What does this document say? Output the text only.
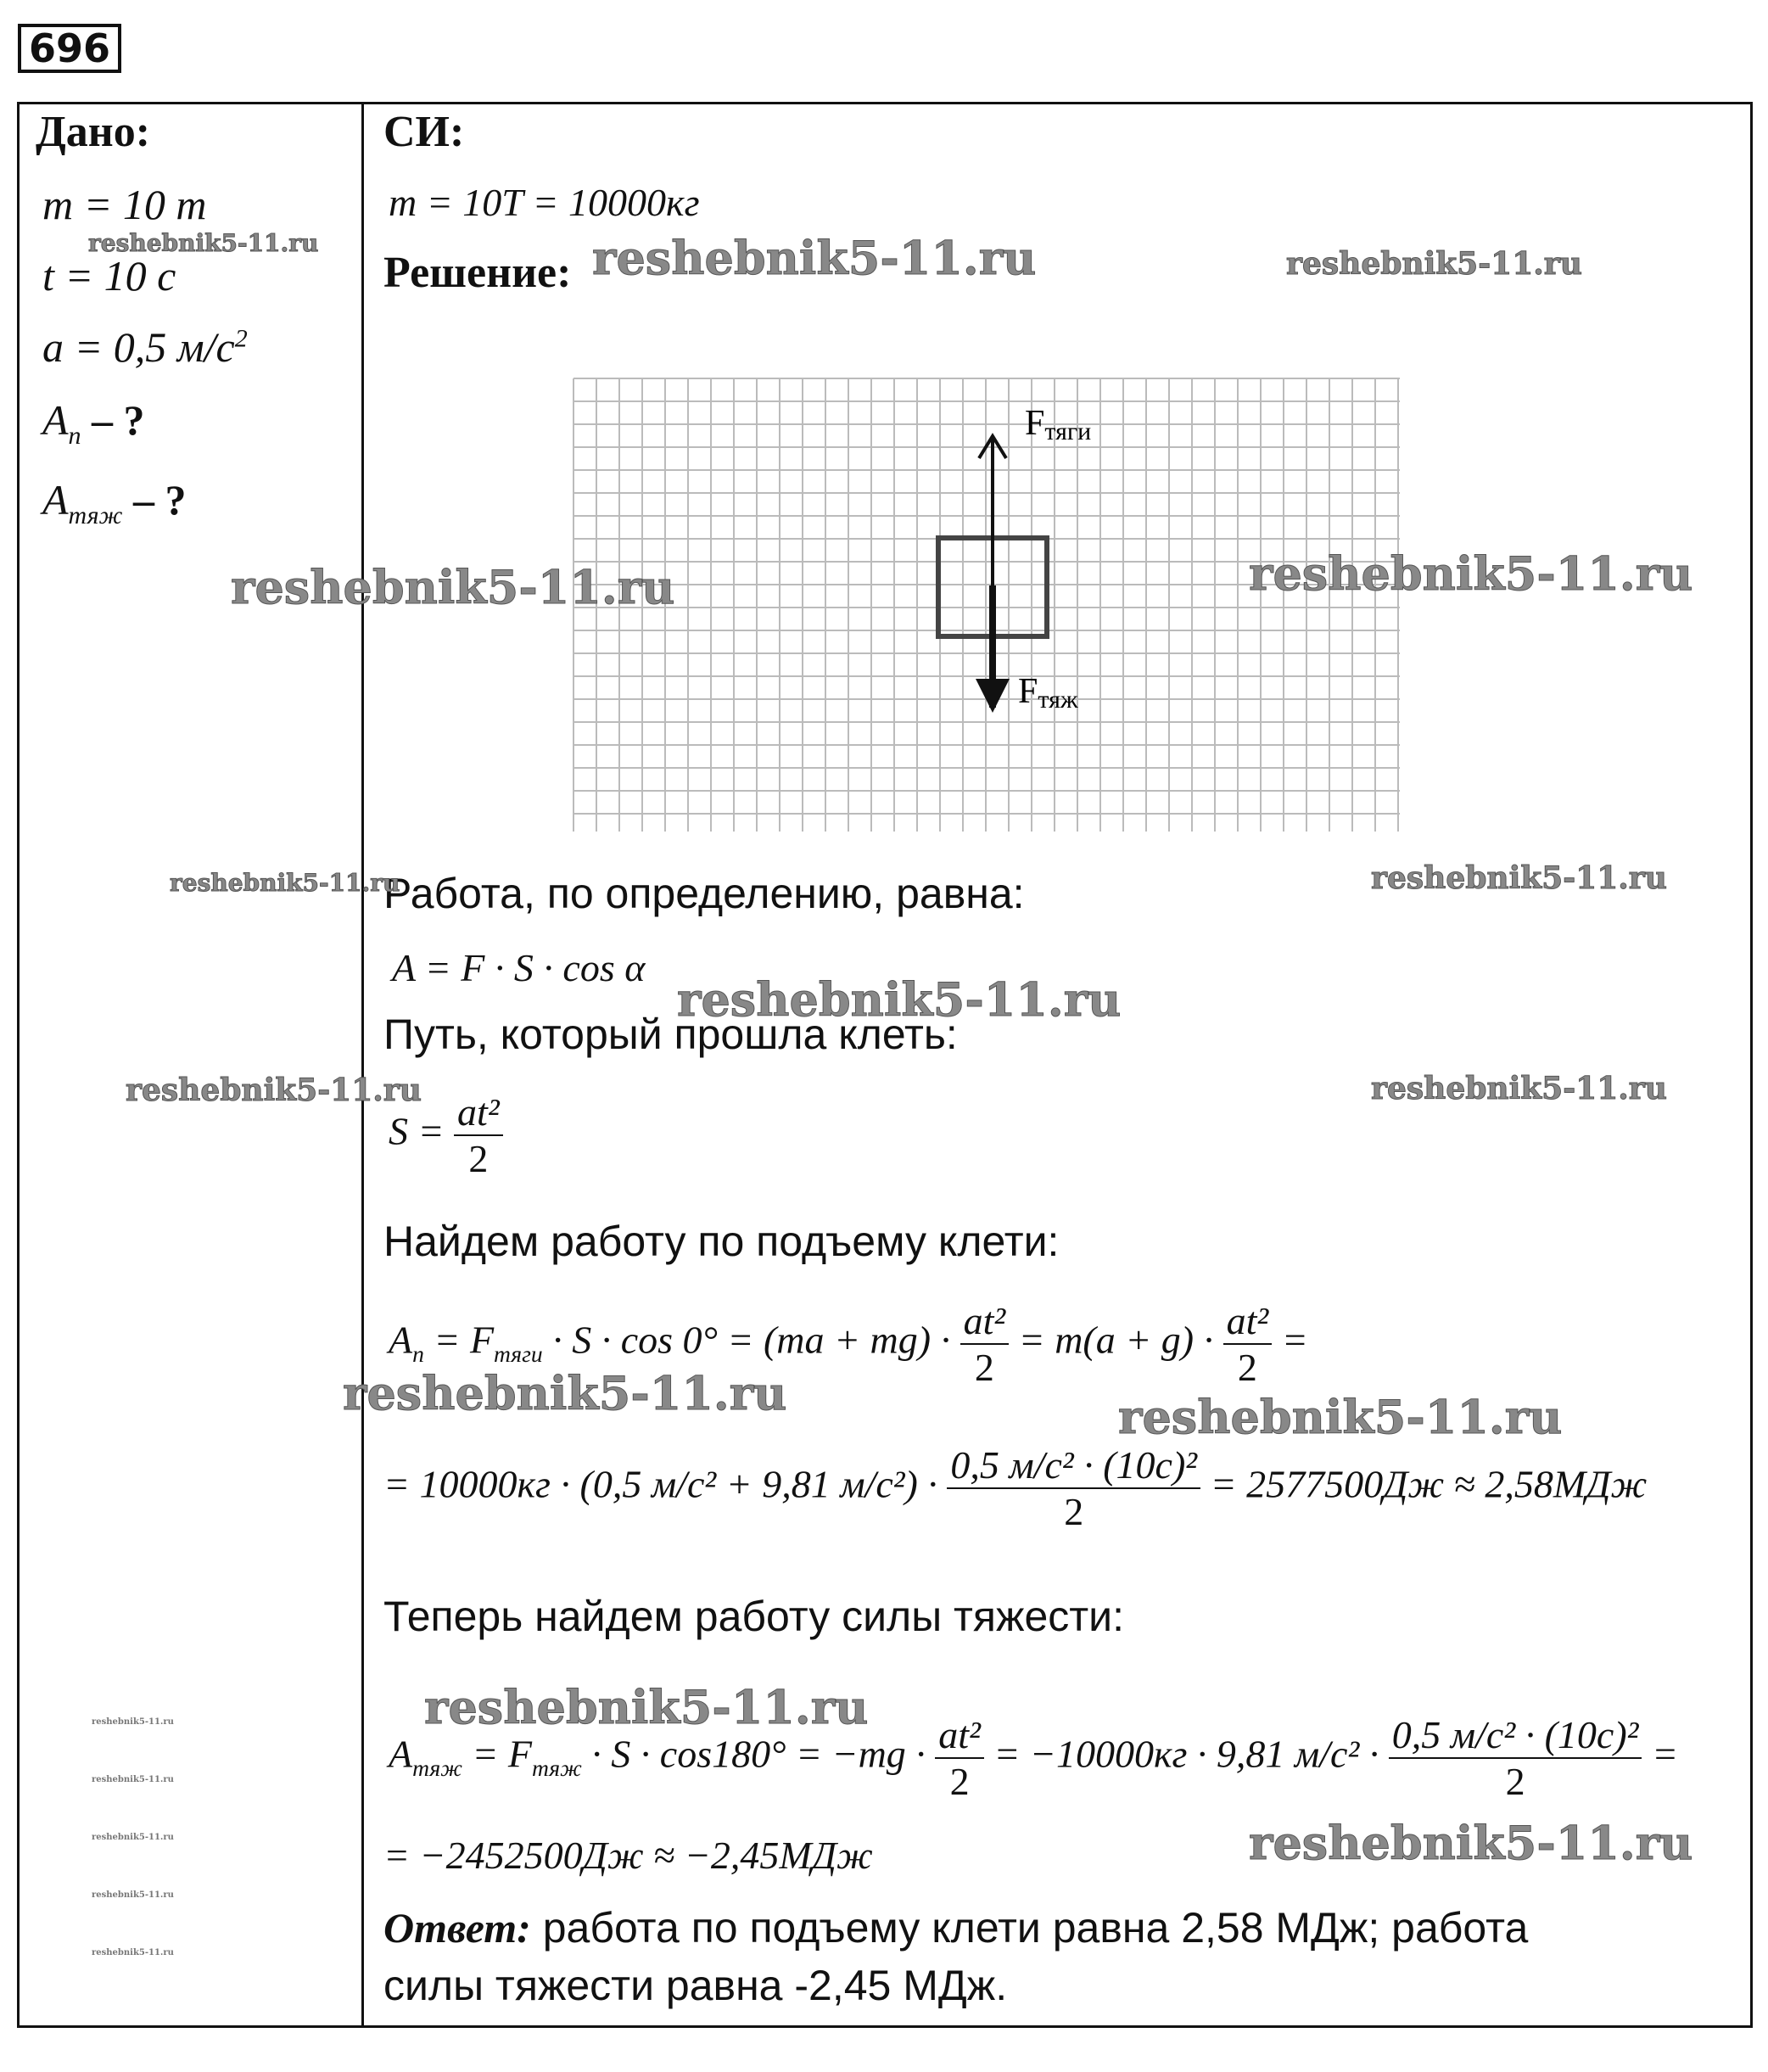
696
Дано:
m = 10 т
t = 10 с
a = 0,5 $м/с^2$
$A_п$ – ?
$A_{тяж}$ – ?
СИ:
m = 10T = 10000кг
Решение:
Fтяги
Fтяж
Работа, по определению, равна:
A = F · S · cos α
Путь, который прошла клеть:
$S = \frac{\text{at²}}{2}$
Найдем работу по подъему клети:
$A_п = F_{тяги} \cdot S \cdot \cos 0^\circ = (ma + mg) \cdot \frac{\text{at²}}{2} = m(a + g) \cdot \frac{\text{at²}}{2}$ =
= 10000кг · (0,5 м/c² + 9,81 $м/c^2) \cdot \frac{\text{0,5 м/c² · (10c)²}}{2} = 2577500Дж \approx 2,58МДж$
Теперь найдем работу силы тяжести:
$A_{тяж} = F_{тяж} \cdot S \cdot \cos 180^\circ = -mg \cdot \frac{\text{at²}}{2} = -10000кг \cdot 9,81$ $м/c^2 \cdot \frac{\text{0,5 м/c² · (10c)²}}{2}$ =
= −2452500Дж ≈ −2,45МДж
Ответ: работа по подъему клети равна 2,58 МДж; работа
силы тяжести равна -2,45 МДж.
reshebnik5-11.ru	reshebnik5-11.ru	reshebnik5-11.ru
reshebnik5-11.ru	reshebnik5-11.ru
reshebnik5-11.ru	reshebnik5-11.ru
reshebnik5-11.ru
reshebnik5-11.ru	reshebnik5-11.ru
reshebnik5-11.ru	reshebnik5-11.ru
reshebnik5-11.ru
reshebnik5-11.ru
reshebnik5-11.ru
reshebnik5-11.ru
reshebnik5-11.ru
reshebnik5-11.ru
reshebnik5-11.ru
